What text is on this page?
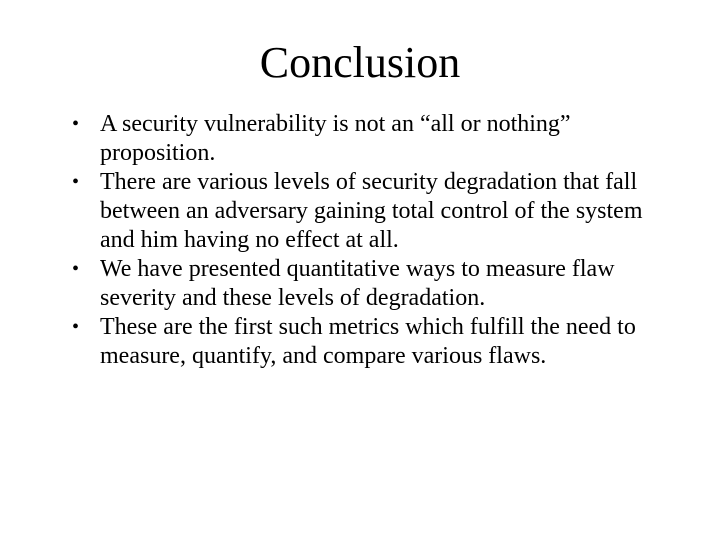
Conclusion
• A security vulnerability is not an “all or nothing” proposition.
• There are various levels of security degradation that fall between an adversary gaining total control of the system and him having no effect at all.
• We have presented quantitative ways to measure flaw severity and these levels of degradation.
• These are the first such metrics which fulfill the need to measure, quantify, and compare various flaws.
